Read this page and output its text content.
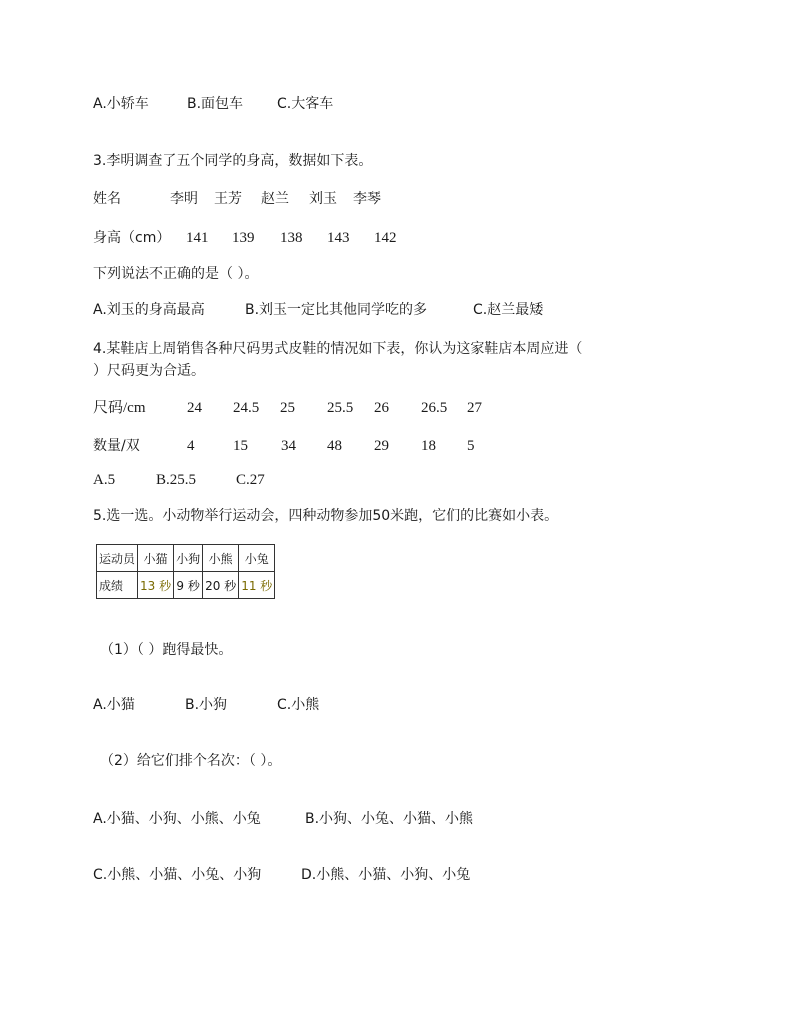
A.小轿车	B.面包车 C.大客车
3.李明调查了五个同学的身高，数据如下表。
姓名	李明 王芳 赵兰 刘玉 李琴
身高（cm） 141 139 138 143 142
下列说法不正确的是（ ）。
A.刘玉的身高最高	B.刘玉一定比其他同学吃的多	C.赵兰最矮
4.某鞋店上周销售各种尺码男式皮鞋的情况如下表，你认为这家鞋店本周应进（
）尺码更为合适。
尺码/cm	24 24.5 25 25.5 26 26.5 27
数量/双	4	15 34 48 29 18 5
A.5	B.25.5	C.27
5.选一选。小动物举行运动会，四种动物参加50米跑，它们的比赛如小表。
运动员	小猫	小狗	小熊	小兔
成绩	13 秒	9 秒	20 秒	11 秒
（1）（ ）跑得最快。
A.小猫	B.小狗	C.小熊
（2）给它们排个名次：（ ）。
A.小猫、小狗、小熊、小兔	B.小狗、小兔、小猫、小熊
C.小熊、小猫、小兔、小狗	D.小熊、小猫、小狗、小兔
